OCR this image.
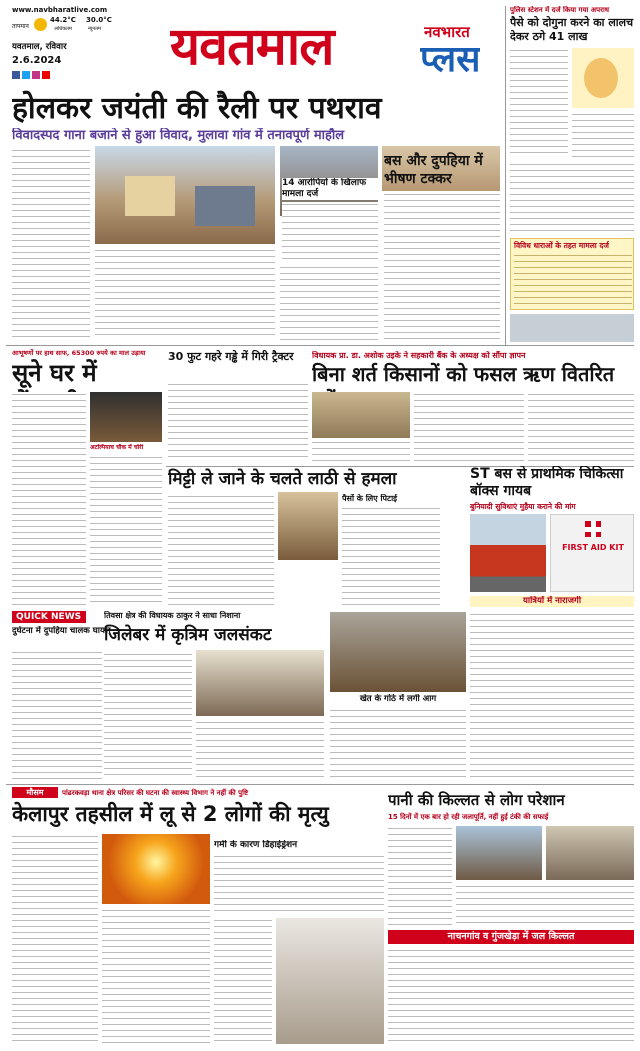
www.navbharatlive.com
तापमान
44.2°C
अधिकतम
30.0°C
न्यूनतम
यवतमाल, रविवार
2.6.2024 यवतमाल	नवभारत
प्लस
होलकर जयंती की रैली पर पथराव
विवादस्पद गाना बजाने से हुआ विवाद, मुलावा गांव में तनावपूर्ण माहौल
14 आरोपियों के खिलाफ मामला दर्ज
बस और दुपहिया में भीषण टक्कर
पुलिस स्टेशन में दर्ज किया गया अपराध
पैसे को दोगुना करने का लालच देकर ठगे 41 लाख
विविध धाराओं के तहत मामला दर्ज
आभूषणों पर हाथ साफ, 65300 रुपये का माल उड़ाया
सूने घर में
अटल्पियाच चौक में चोरी
30 फुट गहरे गड्ढे में गिरी ट्रैक्टर	विधायक प्रा. डा. अशोक उइके ने सहकारी बैंक के अध्यक्ष को सौंपा ज्ञापन
बिना शर्त किसानों को फसल ऋण वितरित
मिट्टी ले जाने के चलते लाठी से हमला
पैसों के लिए पिटाई
ST बस से प्राथमिक चिकित्सा बॉक्स गायब
बुनियादी सुविधाएं मुहैया कराने की मांग
FIRST AID KIT
यात्रियों में नाराजगी
QUICK NEWS
दुर्घटना में दुपहिया चालक घायल
तिवसा क्षेत्र की विधायक ठाकुर ने साधा निशाना
जिलेबर में कृत्रिम जलसंकट
खेत के गोठे में लगी आग
मौसम	पांढरकवड़ा थाना क्षेत्र परिसर की घटना की स्वास्थ्य विभाग ने नहीं की पुष्टि
केलापुर तहसील में लू से 2 लोगों की मृत्यु
गर्मी के कारण डिहाईड्रेशन
पानी की किल्लत से लोग परेशान
15 दिनों में एक बार हो रही जलापूर्ति, नहीं हुई टंकी की सफाई
नाचनगांव व गुंजखेड़ा में जल किल्लत
